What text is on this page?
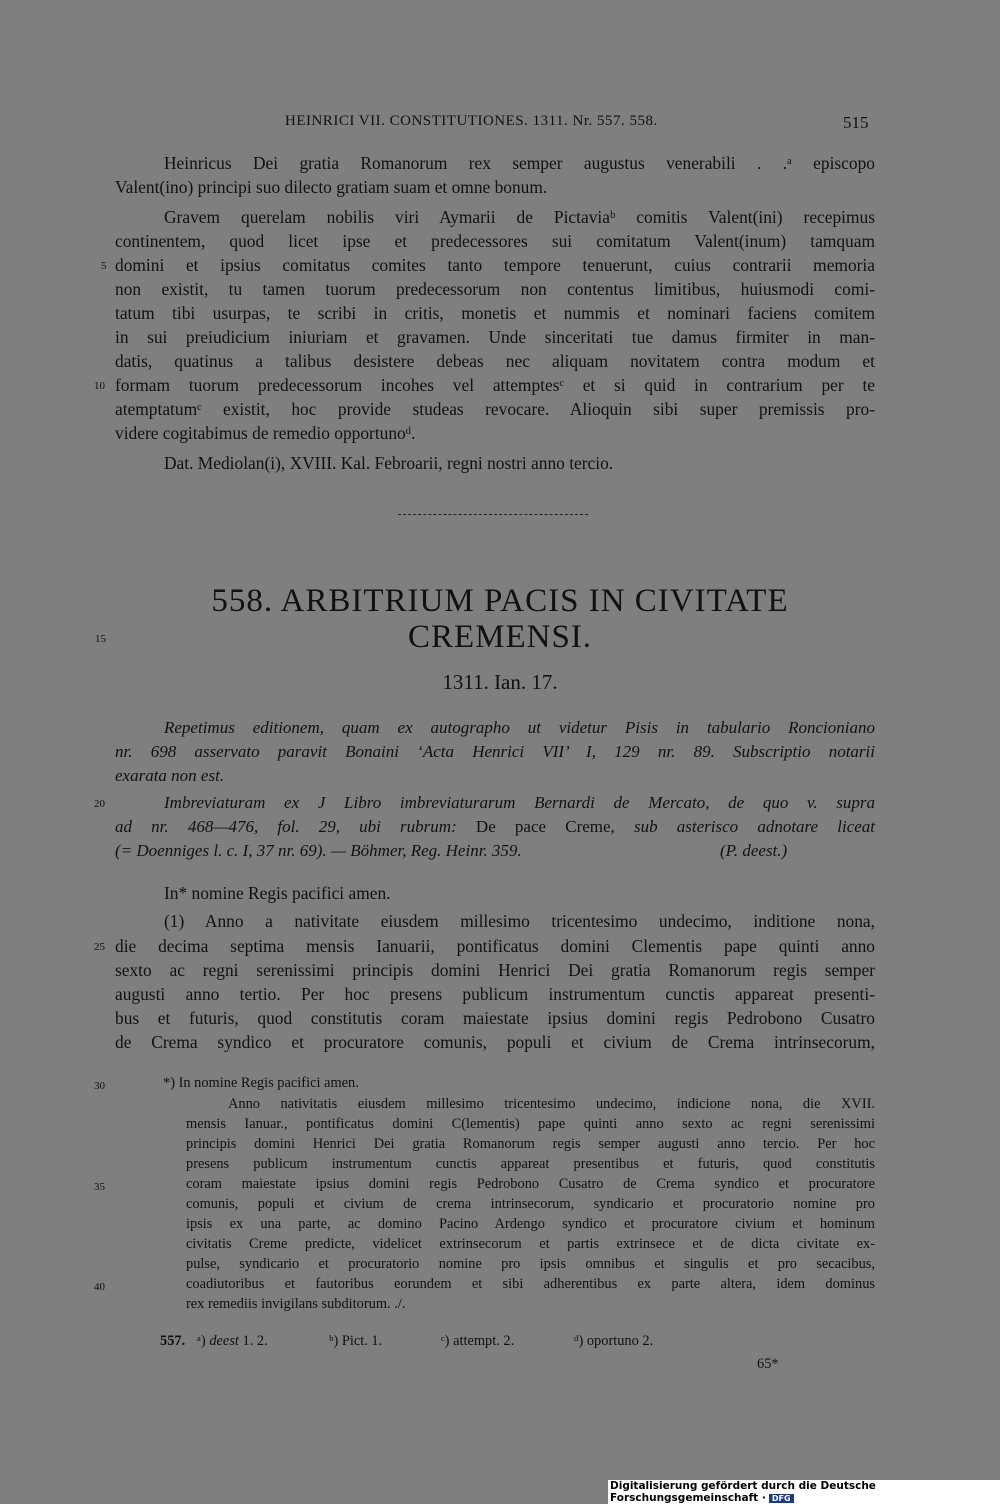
HEINRICI VII. CONSTITUTIONES. 1311. Nr. 557. 558.	515
Heinricus Dei gratia Romanorum rex semper augustus venerabili . .ᵃ episcopo
Valent(ino) principi suo dilecto gratiam suam et omne bonum.
Gravem querelam nobilis viri Aymarii de Pictaviaᵇ comitis Valent(ini) recepimus
continentem, quod licet ipse et predecessores sui comitatum Valent(inum) tamquam
5 domini et ipsius comitatus comites tanto tempore tenuerunt, cuius contrarii memoria
non existit, tu tamen tuorum predecessorum non contentus limitibus, huiusmodi comi-
tatum tibi usurpas, te scribi in critis, monetis et nummis et nominari faciens comitem
in sui preiudicium iniuriam et gravamen. Unde sinceritati tue damus firmiter in man-
datis, quatinus a talibus desistere debeas nec aliquam novitatem contra modum et
10 formam tuorum predecessorum incohes vel attemptesᶜ et si quid in contrarium per te
atemptatumᶜ existit, hoc provide studeas revocare. Alioquin sibi super premissis pro-
videre cogitabimus de remedio opportunoᵈ.
Dat. Mediolan(i), XVIII. Kal. Febroarii, regni nostri anno tercio.
558. ARBITRIUM PACIS IN CIVITATE
15	CREMENSI.
1311. Ian. 17.
Repetimus editionem, quam ex autographo ut videtur Pisis in tabulario Roncioniano
nr. 698 asservato paravit Bonaini ‘Acta Henrici VII’ I, 129 nr. 89. Subscriptio notarii
exarata non est.
20	Imbreviaturam ex J Libro imbreviaturarum Bernardi de Mercato, de quo v. supra
ad nr. 468—476, fol. 29, ubi rubrum: De pace Creme, sub asterisco adnotare liceat
(= Doenniges l. c. I, 37 nr. 69). — Böhmer, Reg. Heinr. 359.	(P. deest.)
In* nomine Regis pacifici amen.
(1) Anno a nativitate eiusdem millesimo tricentesimo undecimo, inditione nona,
25 die decima septima mensis Ianuarii, pontificatus domini Clementis pape quinti anno
sexto ac regni serenissimi principis domini Henrici Dei gratia Romanorum regis semper
augusti anno tertio. Per hoc presens publicum instrumentum cunctis appareat presenti-
bus et futuris, quod constitutis coram maiestate ipsius domini regis Pedrobono Cusatro
de Crema syndico et procuratore comunis, populi et civium de Crema intrinsecorum,
30	*) In nomine Regis pacifici amen.
Anno nativitatis eiusdem millesimo tricentesimo undecimo, indicione nona, die XVII.
mensis Ianuar., pontificatus domini C(lementis) pape quinti anno sexto ac regni serenissimi
principis domini Henrici Dei gratia Romanorum regis semper augusti anno tercio. Per hoc
presens publicum instrumentum cunctis appareat presentibus et futuris, quod constitutis
35	coram maiestate ipsius domini regis Pedrobono Cusatro de Crema syndico et procuratore
comunis, populi et civium de crema intrinsecorum, syndicario et procuratorio nomine pro
ipsis ex una parte, ac domino Pacino Ardengo syndico et procuratore civium et hominum
civitatis Creme predicte, videlicet extrinsecorum et partis extrinsece et de dicta civitate ex-
pulse, syndicario et procuratorio nomine pro ipsis omnibus et singulis et pro secacibus,
40	coadiutoribus et fautoribus eorundem et sibi adherentibus ex parte altera, idem dominus
rex remediis invigilans subditorum. ./.
557. ᵃ) deest 1. 2.	ᵇ) Pict. 1.	ᶜ) attempt. 2.	ᵈ) oportuno 2.
65*
Digitalisierung gefördert durch die Deutsche Forschungsgemeinschaft · DFG
